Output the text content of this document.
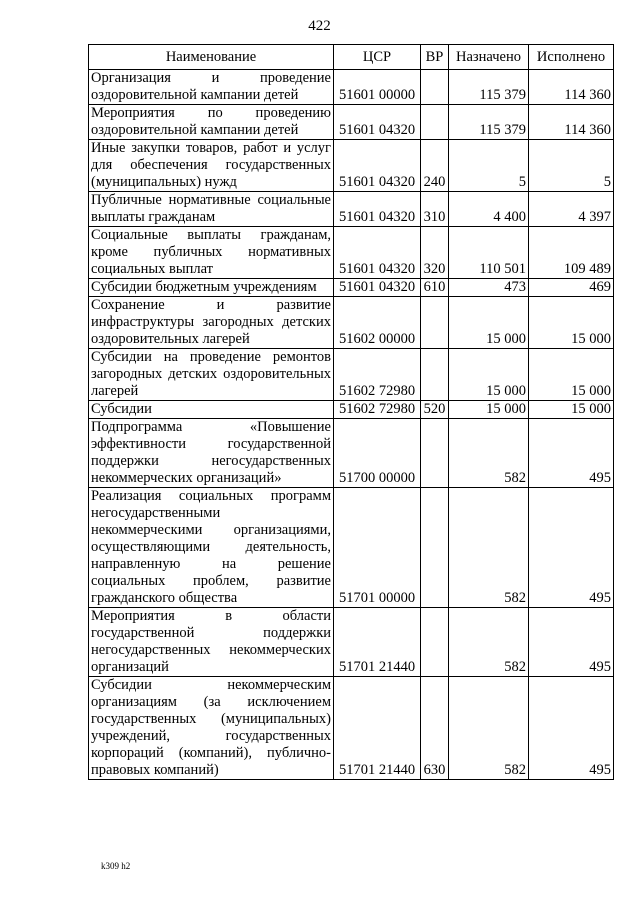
422
Наименование	ЦСР	ВР	Назначено	Исполнено
Организация и проведение оздоровительной кампании детей	51601 00000		115 379	114 360
Мероприятия по проведению оздоровительной кампании детей	51601 04320		115 379	114 360
Иные закупки товаров, работ и услуг для обеспечения государственных (муниципальных) нужд	51601 04320	240	5	5
Публичные нормативные социальные выплаты гражданам	51601 04320	310	4 400	4 397
Социальные выплаты гражданам, кроме публичных нормативных социальных выплат	51601 04320	320	110 501	109 489
Субсидии бюджетным учреждениям	51601 04320	610	473	469
Сохранение и развитие инфраструктуры загородных детских оздоровительных лагерей	51602 00000		15 000	15 000
Субсидии на проведение ремонтов загородных детских оздоровительных лагерей	51602 72980		15 000	15 000
Субсидии	51602 72980	520	15 000	15 000
Подпрограмма «Повышение эффективности государственной поддержки негосударственных некоммерческих организаций»	51700 00000		582	495
Реализация социальных программ негосударственными некоммерческими организациями, осуществляющими деятельность, направленную на решение социальных проблем, развитие гражданского общества	51701 00000		582	495
Мероприятия в области государственной поддержки негосударственных некоммерческих организаций	51701 21440		582	495
Субсидии некоммерческим организациям (за исключением государственных (муниципальных) учреждений, государственных корпораций (компаний), публично-правовых компаний)	51701 21440	630	582	495
k309 h2
